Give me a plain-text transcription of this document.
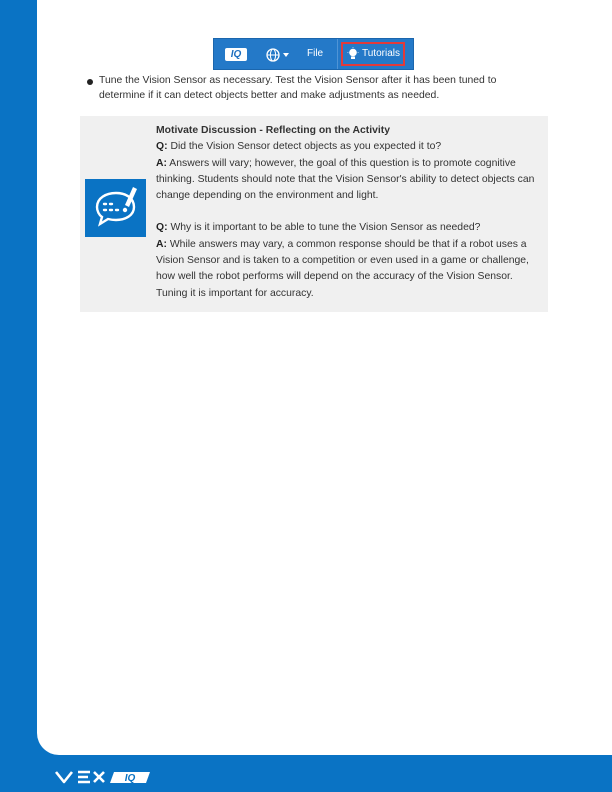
IQ	File	Tutorials
Tune the Vision Sensor as necessary. Test the Vision Sensor after it has been tuned to determine if it can detect objects better and make adjustments as needed.

Motivate Discussion - Reflecting on the Activity

Q: Did the Vision Sensor detect objects as you expected it to?

A: Answers will vary; however, the goal of this question is to promote cognitive thinking. Students should note that the Vision Sensor's ability to detect objects can change depending on the environment and light.

Q: Why is it important to be able to tune the Vision Sensor as needed?

A: While answers may vary, a common response should be that if a robot uses a Vision Sensor and is taken to a competition or even used in a game or challenge, how well the robot performs will depend on the accuracy of the Vision Sensor. Tuning it is important for accuracy.

IQ
